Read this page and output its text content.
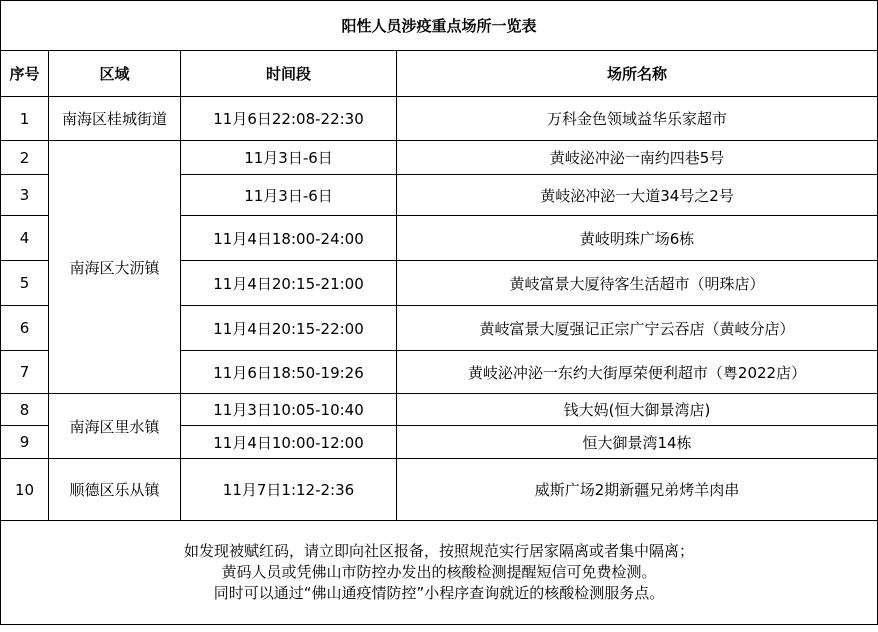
阳性人员涉疫重点场所一览表			
序号	区域	时间段	场所名称
1	南海区桂城街道	11月6日22:08-22:30	万科金色领域益华乐家超市
2	南海区大沥镇	11月3日-6日	黄岐泌冲泌一南约四巷5号
3		11月3日-6日	黄岐泌冲泌一大道34号之2号
4		11月4日18:00-24:00	黄岐明珠广场6栋
5		11月4日20:15-21:00	黄岐富景大厦待客生活超市（明珠店）
6		11月4日20:15-22:00	黄岐富景大厦强记正宗广宁云吞店（黄岐分店）
7		11月6日18:50-19:26	黄岐泌冲泌一东约大街厚荣便利超市（粤2022店）
8	南海区里水镇	11月3日10:05-10:40	钱大妈(恒大御景湾店)
9		11月4日10:00-12:00	恒大御景湾14栋
10	顺德区乐从镇	11月7日1:12-2:36	威斯广场2期新疆兄弟烤羊肉串

如发现被赋红码，请立即向社区报备，按照规范实行居家隔离或者集中隔离；
黄码人员或凭佛山市防控办发出的核酸检测提醒短信可免费检测。
同时可以通过“佛山通疫情防控”小程序查询就近的核酸检测服务点。			
